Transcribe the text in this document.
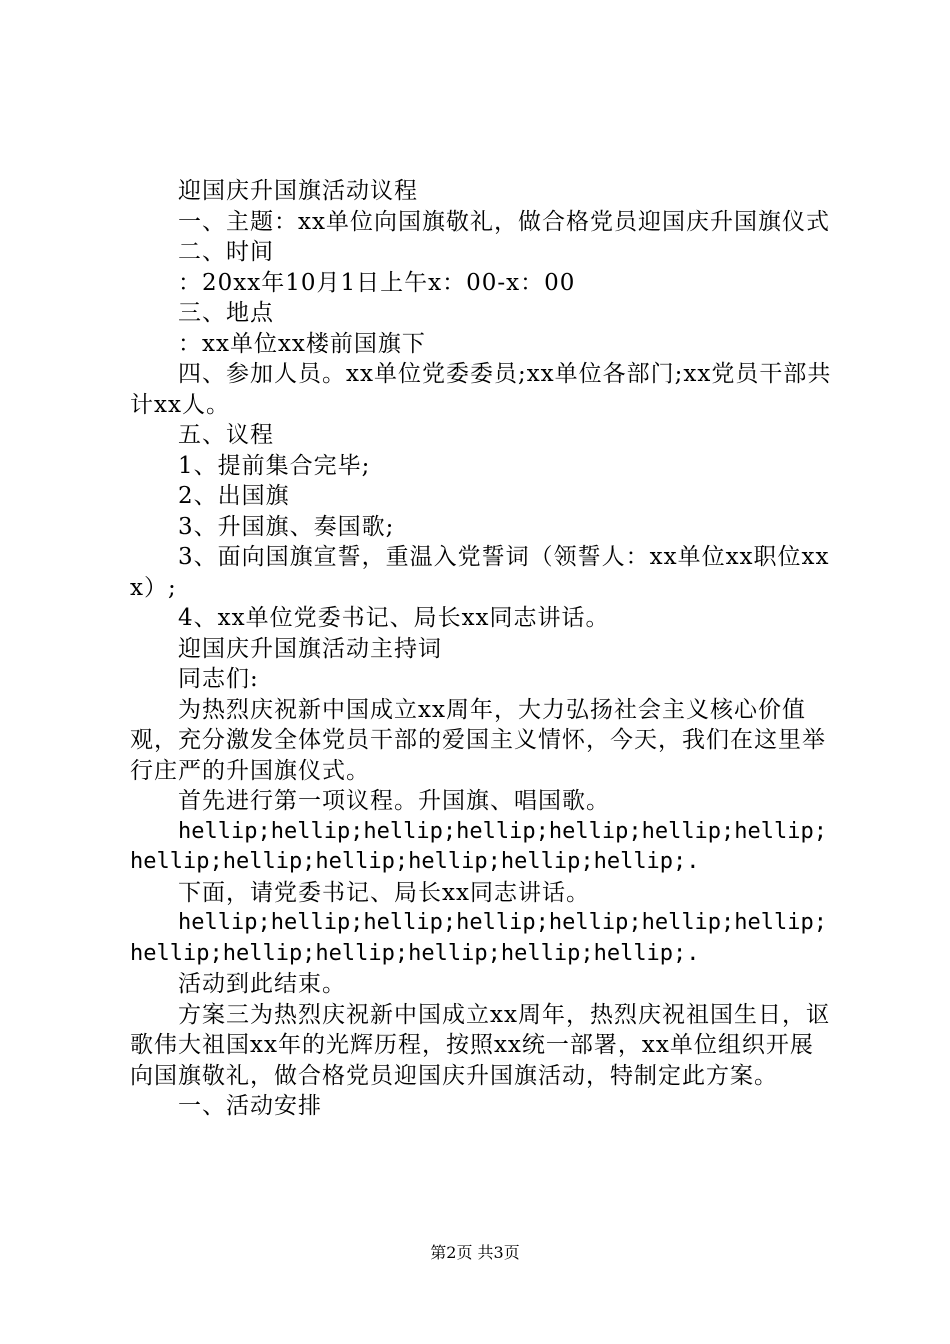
迎国庆升国旗活动议程

一、主题：xx单位向国旗敬礼，做合格党员迎国庆升国旗仪式

二、时间

：20xx年10月1日上午x：00-x：00

三、地点

：xx单位xx楼前国旗下

四、参加人员。xx单位党委委员;xx单位各部门;xx党员干部共计xx人。

五、议程

1、提前集合完毕;

2、出国旗

3、升国旗、奏国歌;

3、面向国旗宣誓，重温入党誓词（领誓人：xx单位xx职位xxx）;

4、xx单位党委书记、局长xx同志讲话。

迎国庆升国旗活动主持词

同志们:

为热烈庆祝新中国成立xx周年，大力弘扬社会主义核心价值观，充分激发全体党员干部的爱国主义情怀，今天，我们在这里举行庄严的升国旗仪式。

首先进行第一项议程。升国旗、唱国歌。

hellip;hellip;hellip;hellip;hellip;hellip;hellip;hellip;hellip;hellip;hellip;hellip;hellip;.

下面，请党委书记、局长xx同志讲话。

hellip;hellip;hellip;hellip;hellip;hellip;hellip;hellip;hellip;hellip;hellip;hellip;hellip;.

活动到此结束。

方案三为热烈庆祝新中国成立xx周年，热烈庆祝祖国生日，讴歌伟大祖国xx年的光辉历程，按照xx统一部署，xx单位组织开展向国旗敬礼，做合格党员迎国庆升国旗活动，特制定此方案。

一、活动安排

第2页 共3页
